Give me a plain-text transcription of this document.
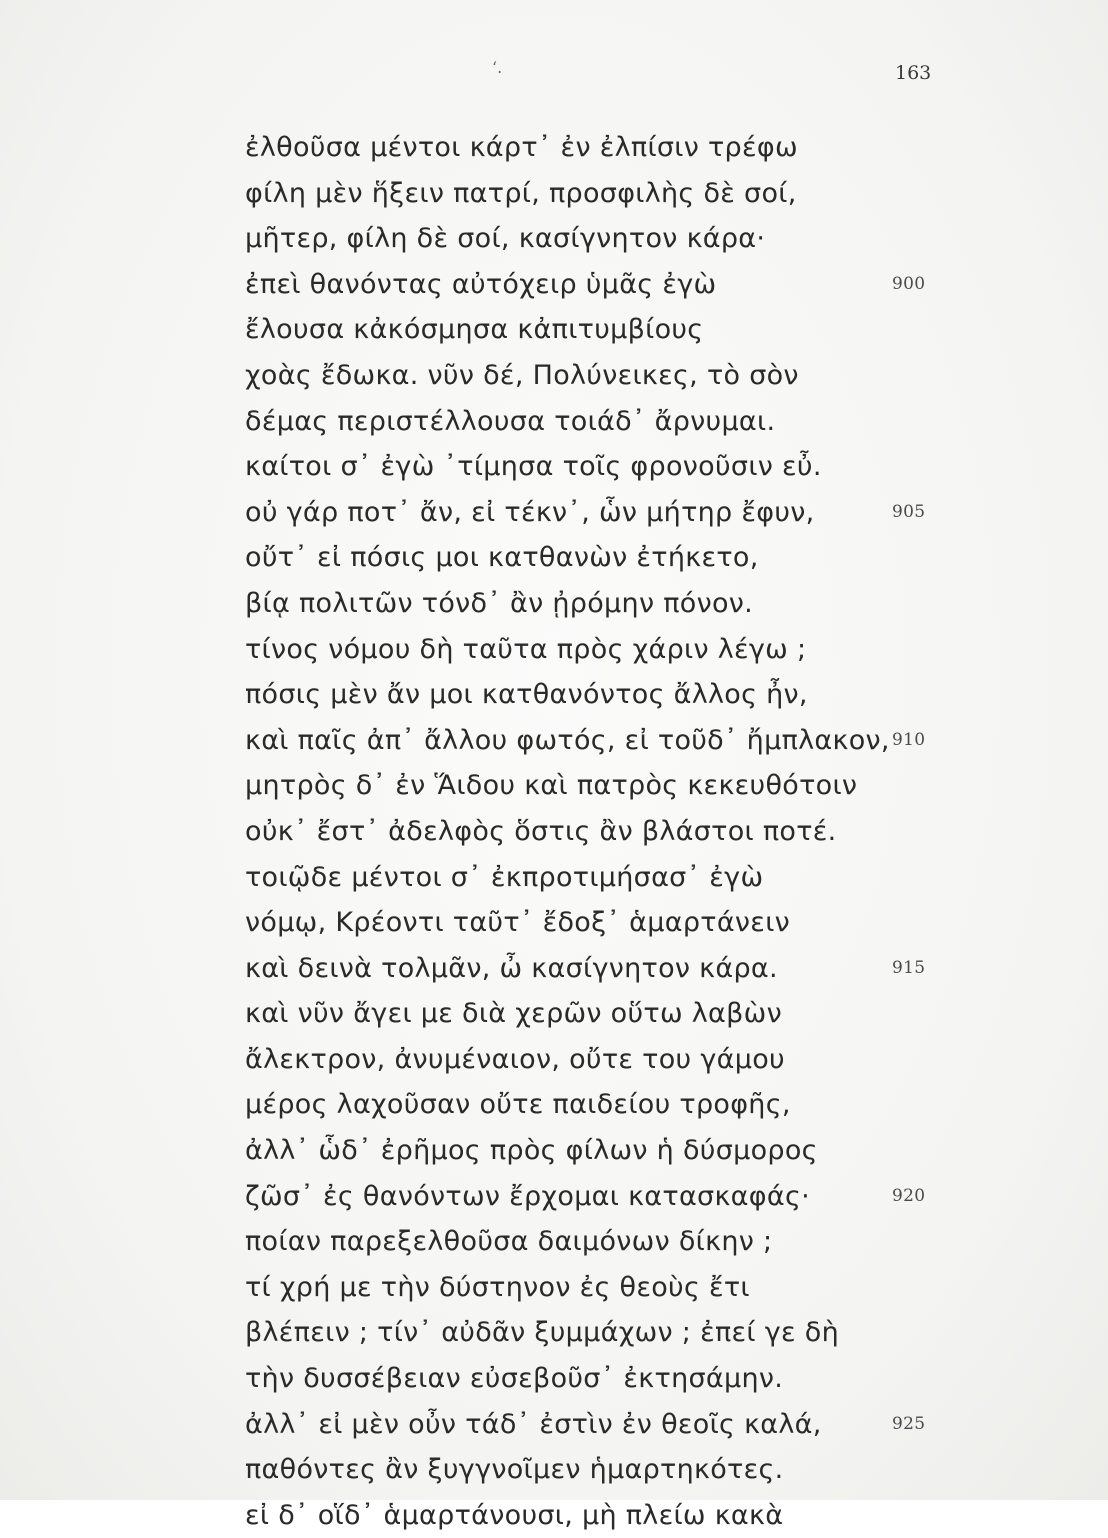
‘.	163
ἐλθοῦσα μέντοι κάρτ᾽ ἐν ἐλπίσιν τρέφω
φίλη μὲν ἥξειν πατρί, προσφιλὴς δὲ σοί,
μῆτερ, φίλη δὲ σοί, κασίγνητον κάρα·
ἐπεὶ θανόντας αὐτόχειρ ὑμᾶς ἐγὼ	900
ἔλουσα κἀκόσμησα κἀπιτυμβίους
χοὰς ἔδωκα. νῦν δέ, Πολύνεικες, τὸ σὸν
δέμας περιστέλλουσα τοιάδ᾽ ἄρνυμαι.
καίτοι σ᾽ ἐγὼ ᾽τίμησα τοῖς φρονοῦσιν εὖ.
οὐ γάρ ποτ᾽ ἄν, εἰ τέκν᾽, ὧν μήτηρ ἔφυν,	905
οὔτ᾽ εἰ πόσις μοι κατθανὼν ἐτήκετο,
βίᾳ πολιτῶν τόνδ᾽ ἂν ᾐρόμην πόνον.
τίνος νόμου δὴ ταῦτα πρὸς χάριν λέγω ;
πόσις μὲν ἄν μοι κατθανόντος ἄλλος ἦν,
καὶ παῖς ἀπ᾽ ἄλλου φωτός, εἰ τοῦδ᾽ ἤμπλακον, 910
μητρὸς δ᾽ ἐν Ἅιδου καὶ πατρὸς κεκευθότοιν
οὐκ᾽ ἔστ᾽ ἀδελφὸς ὅστις ἂν βλάστοι ποτέ.
τοιῷδε μέντοι σ᾽ ἐκπροτιμήσασ᾽ ἐγὼ
νόμῳ, Κρέοντι ταῦτ᾽ ἔδοξ᾽ ἁμαρτάνειν
καὶ δεινὰ τολμᾶν, ὦ κασίγνητον κάρα.	915
καὶ νῦν ἄγει με διὰ χερῶν οὕτω λαβὼν
ἄλεκτρον, ἀνυμέναιον, οὔτε του γάμου
μέρος λαχοῦσαν οὔτε παιδείου τροφῆς,
ἀλλ᾽ ὧδ᾽ ἐρῆμος πρὸς φίλων ἡ δύσμορος
ζῶσ᾽ ἐς θανόντων ἔρχομαι κατασκαφάς·	920
ποίαν παρεξελθοῦσα δαιμόνων δίκην ;
τί χρή με τὴν δύστηνον ἐς θεοὺς ἔτι
βλέπειν ; τίν᾽ αὐδᾶν ξυμμάχων ; ἐπεί γε δὴ
τὴν δυσσέβειαν εὐσεβοῦσ᾽ ἐκτησάμην.
ἀλλ᾽ εἰ μὲν οὖν τάδ᾽ ἐστὶν ἐν θεοῖς καλά,	925
παθόντες ἂν ξυγγνοῖμεν ἡμαρτηκότες.
εἰ δ᾽ οἵδ᾽ ἁμαρτάνουσι, μὴ πλείω κακὰ
